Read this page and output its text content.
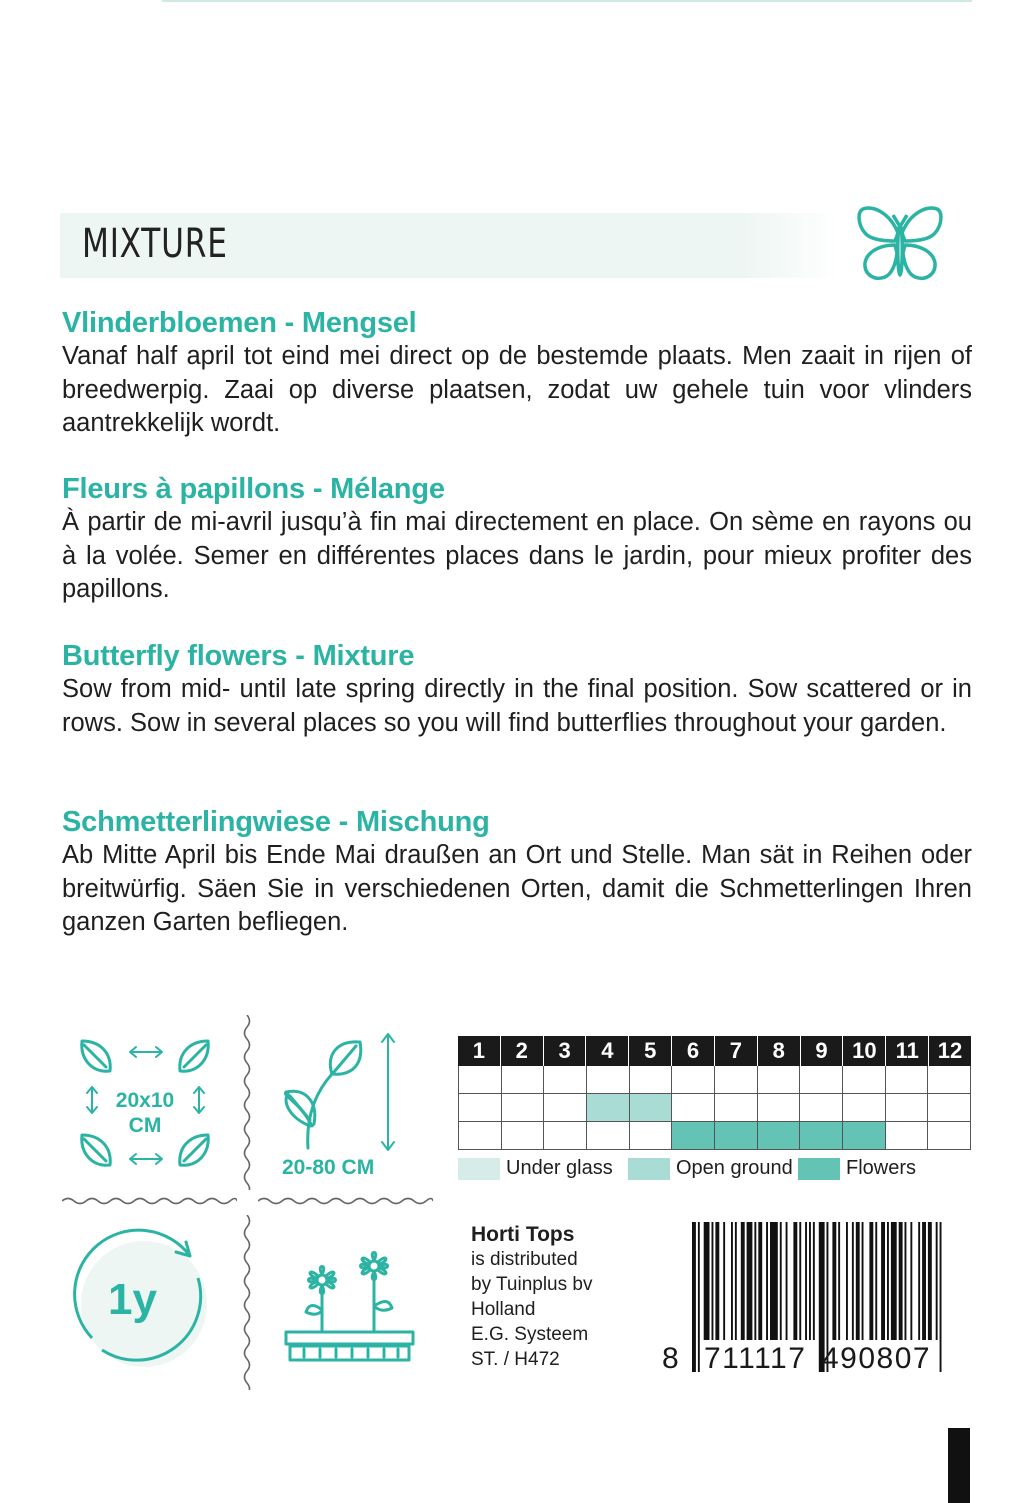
MIXTURE
Vlinderbloemen - Mengsel

Vanaf half april tot eind mei direct op de bestemde plaats. Men zaait in rijen of breedwerpig. Zaai op diverse plaatsen, zodat uw gehele tuin voor vlinders aantrekkelijk wordt.

Fleurs à papillons - Mélange

À partir de mi-avril jusqu’à fin mai directement en place. On sème en rayons ou à la volée. Semer en différentes places dans le jardin, pour mieux profiter des papillons.

Butterfly flowers - Mixture

Sow from mid- until late spring directly in the final position. Sow scattered or in rows. Sow in several places so you will find butterflies throughout your garden.

Schmetterlingwiese - Mischung

Ab Mitte April bis Ende Mai draußen an Ort und Stelle. Man sät in Reihen oder breitwürfig. Säen Sie in verschiedenen Orten, damit die Schmetterlingen Ihren ganzen Garten befliegen.

20x10
CM
20-80 CM
1y
1	2	3	4	5	6	7	8	9	10 11 12
Under glass	Open ground	Flowers
Horti Tops
is distributed
by Tuinplus bv
Holland
E.G. Systeem
ST. / H472	8 711117 490807
